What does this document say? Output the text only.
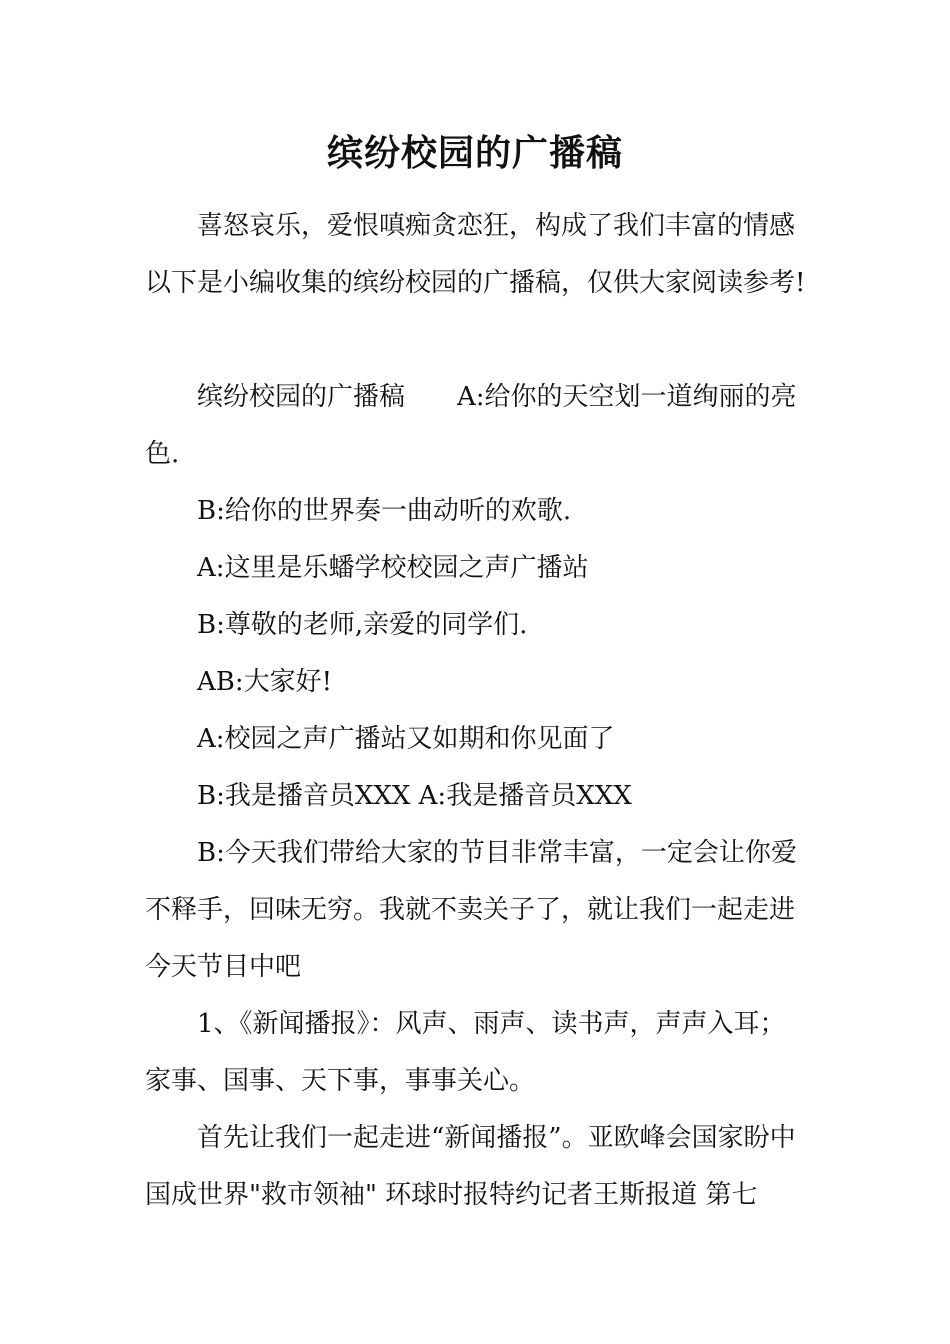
缤纷校园的广播稿

喜怒哀乐，爱恨嗔痴贪恋狂，构成了我们丰富的情感以下是小编收集的缤纷校园的广播稿，仅供大家阅读参考!

缤纷校园的广播稿　　A:给你的天空划一道绚丽的亮色.

B:给你的世界奏一曲动听的欢歌.

A:这里是乐蟠学校校园之声广播站

B:尊敬的老师,亲爱的同学们.

AB:大家好!

A:校园之声广播站又如期和你见面了

B:我是播音员XXX A:我是播音员XXX

B:今天我们带给大家的节目非常丰富，一定会让你爱不释手，回味无穷。我就不卖关子了，就让我们一起走进今天节目中吧

1、《新闻播报》：风声、雨声、读书声，声声入耳；家事、国事、天下事，事事关心。

首先让我们一起走进“新闻播报”。亚欧峰会国家盼中国成世界"救市领袖" 环球时报特约记者王斯报道 第七
